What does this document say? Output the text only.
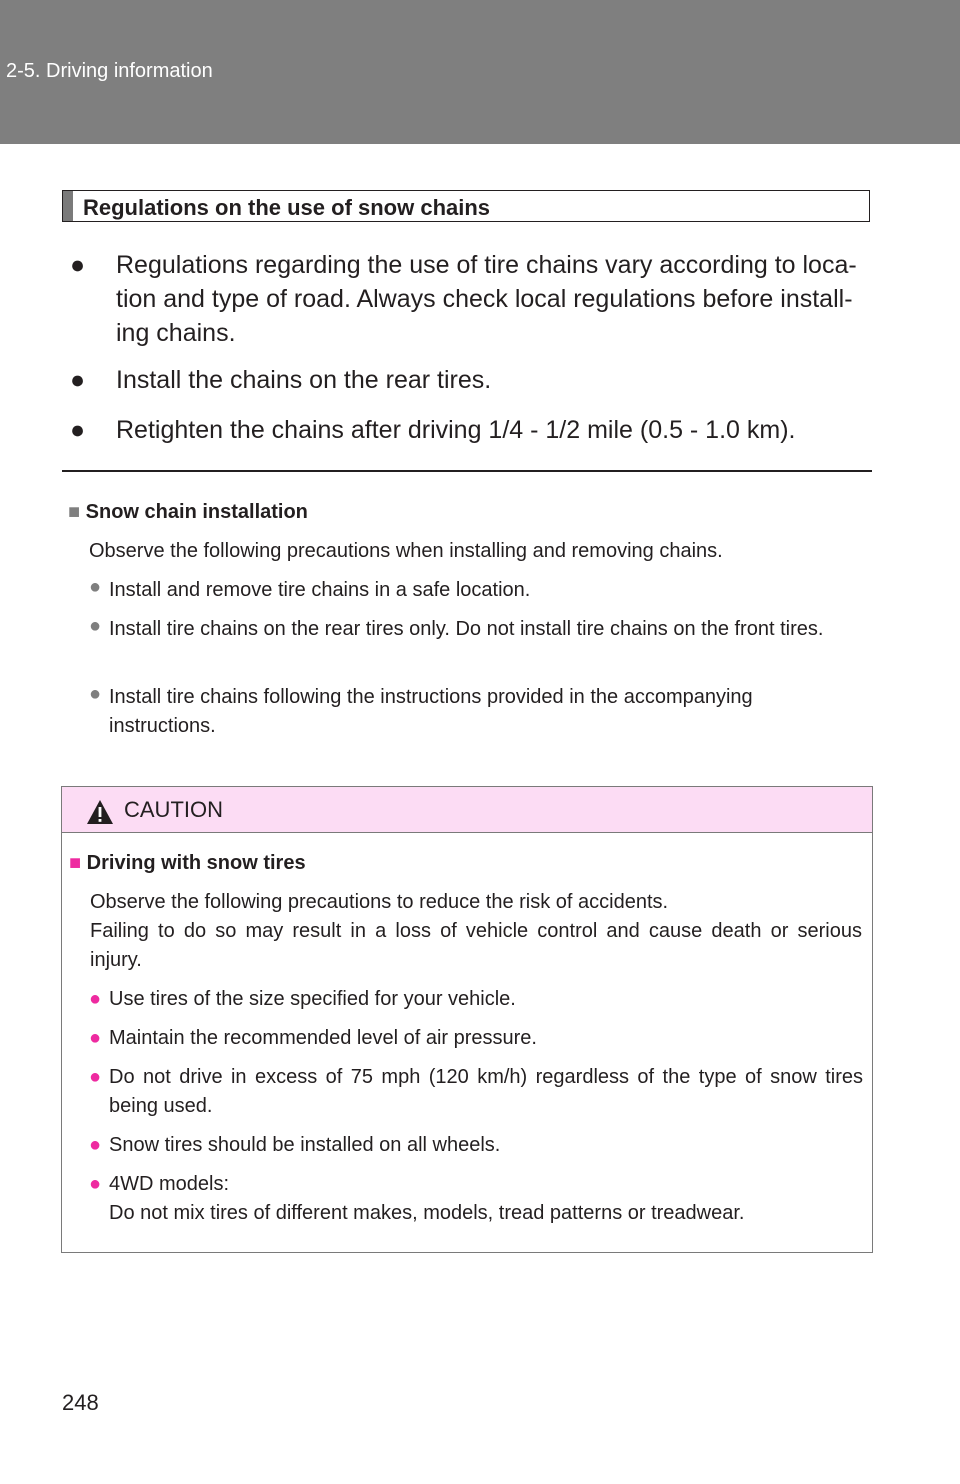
2-5. Driving information
Regulations on the use of snow chains
● Regulations regarding the use of tire chains vary according to loca-tion and type of road. Always check local regulations before install-ing chains.
● Install the chains on the rear tires.
● Retighten the chains after driving 1/4 - 1/2 mile (0.5 - 1.0 km).
■ Snow chain installation
Observe the following precautions when installing and removing chains.
● Install and remove tire chains in a safe location.
● Install tire chains on the rear tires only. Do not install tire chains on the front tires.
● Install tire chains following the instructions provided in the accompanying instructions.
CAUTION
■ Driving with snow tires
Observe the following precautions to reduce the risk of accidents.
Failing to do so may result in a loss of vehicle control and cause death or serious injury.
● Use tires of the size specified for your vehicle.
● Maintain the recommended level of air pressure.
● Do not drive in excess of 75 mph (120 km/h) regardless of the type of snow tires being used.
● Snow tires should be installed on all wheels.
● 4WD models:
Do not mix tires of different makes, models, tread patterns or treadwear.
248
